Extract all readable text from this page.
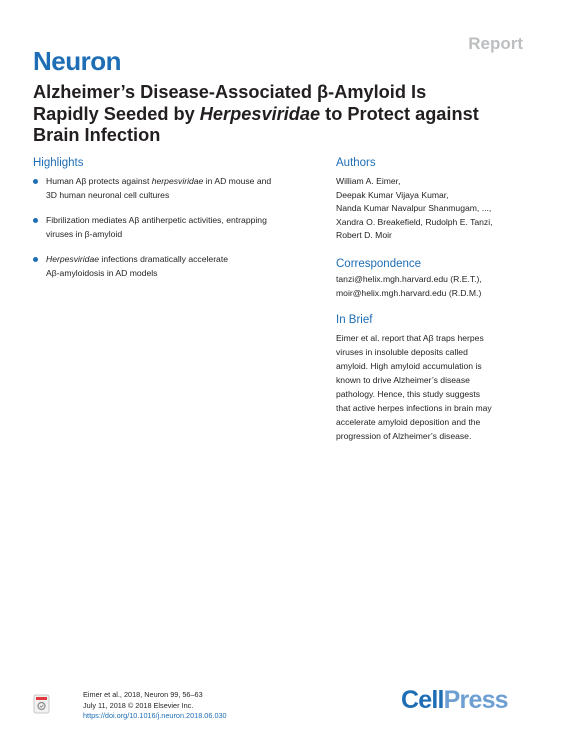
Report
Neuron
Alzheimer’s Disease-Associated β-Amyloid Is
Rapidly Seeded by Herpesviridae to Protect against
Brain Infection
Highlights
Human Aβ protects against herpesviridae in AD mouse and
3D human neuronal cell cultures
Fibrilization mediates Aβ antiherpetic activities, entrapping
viruses in β-amyloid
Herpesviridae infections dramatically accelerate
Aβ-amyloidosis in AD models
Authors
William A. Eimer,
Deepak Kumar Vijaya Kumar,
Nanda Kumar Navalpur Shanmugam, ...,
Xandra O. Breakefield, Rudolph E. Tanzi,
Robert D. Moir
Correspondence
tanzi@helix.mgh.harvard.edu (R.E.T.),
moir@helix.mgh.harvard.edu (R.D.M.)
In Brief
Eimer et al. report that Aβ traps herpes
viruses in insoluble deposits called
amyloid. High amyloid accumulation is
known to drive Alzheimer’s disease
pathology. Hence, this study suggests
that active herpes infections in brain may
accelerate amyloid deposition and the
progression of Alzheimer’s disease.
Eimer et al., 2018, Neuron 99, 56–63
July 11, 2018 © 2018 Elsevier Inc.
https://doi.org/10.1016/j.neuron.2018.06.030
CellPress
